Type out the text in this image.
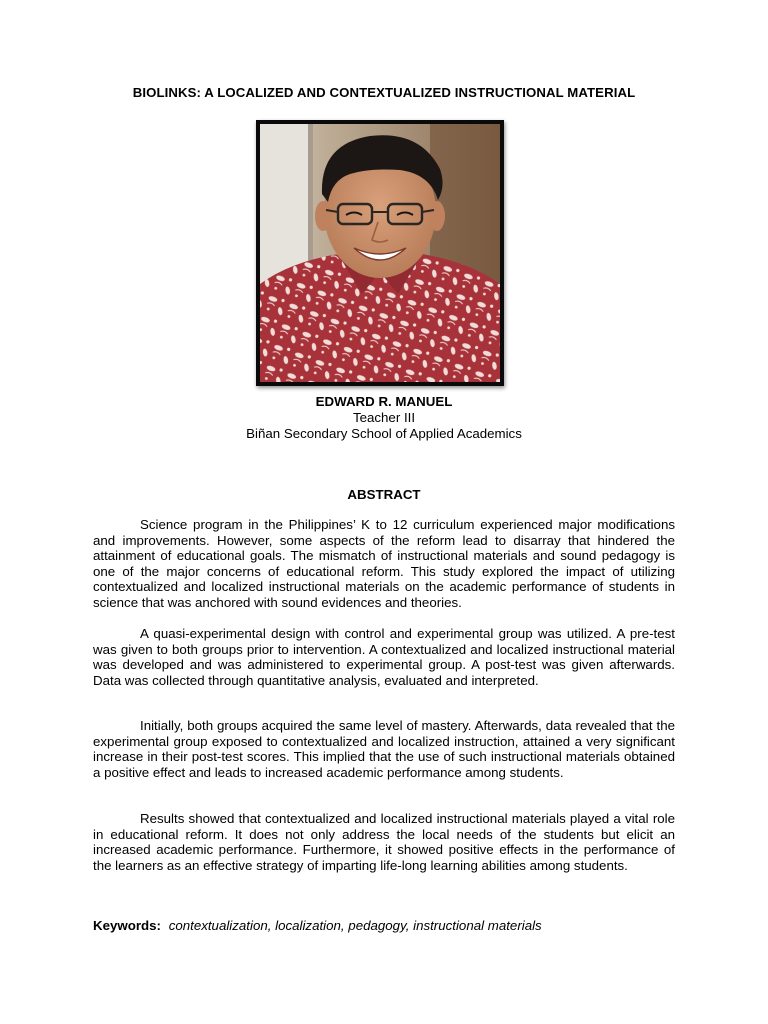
BIOLINKS: A LOCALIZED AND CONTEXTUALIZED INSTRUCTIONAL MATERIAL
EDWARD R. MANUEL
Teacher III
Biñan Secondary School of Applied Academics
ABSTRACT

Science program in the Philippines’ K to 12 curriculum experienced major modifications and improvements. However, some aspects of the reform lead to disarray that hindered the attainment of educational goals. The mismatch of instructional materials and sound pedagogy is one of the major concerns of educational reform. This study explored the impact of utilizing contextualized and localized instructional materials on the academic performance of students in science that was anchored with sound evidences and theories.

A quasi-experimental design with control and experimental group was utilized. A pre-test was given to both groups prior to intervention. A contextualized and localized instructional material was developed and was administered to experimental group. A post-test was given afterwards. Data was collected through quantitative analysis, evaluated and interpreted.

Initially, both groups acquired the same level of mastery. Afterwards, data revealed that the experimental group exposed to contextualized and localized instruction, attained a very significant increase in their post-test scores. This implied that the use of such instructional materials obtained a positive effect and leads to increased academic performance among students.

Results showed that contextualized and localized instructional materials played a vital role in educational reform. It does not only address the local needs of the students but elicit an increased academic performance. Furthermore, it showed positive effects in the performance of the learners as an effective strategy of imparting life-long learning abilities among students.

Keywords: contextualization, localization, pedagogy, instructional materials
